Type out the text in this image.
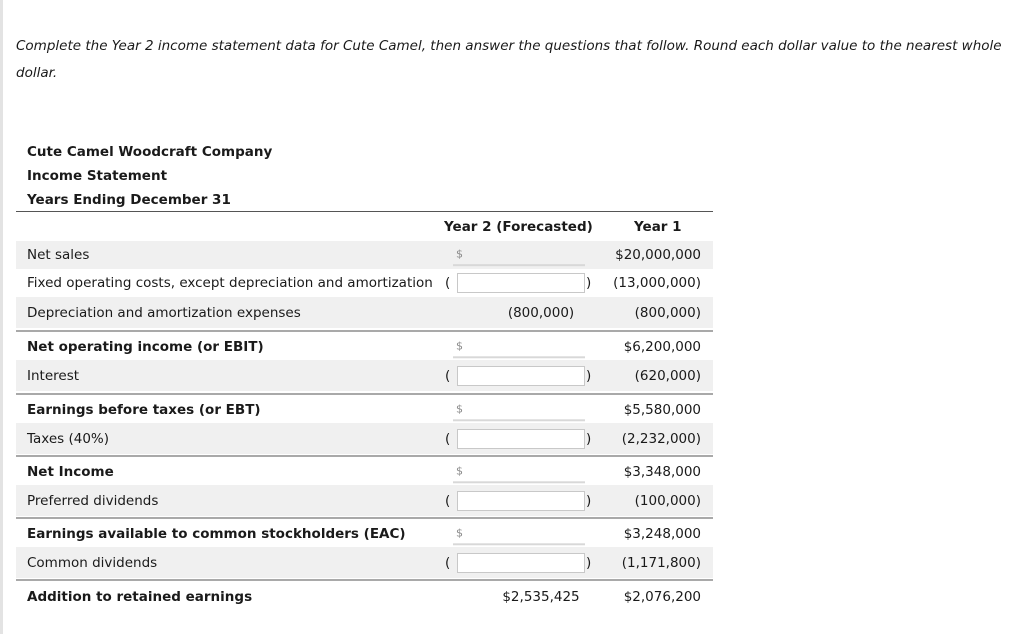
Complete the Year 2 income statement data for Cute Camel, then answer the questions that follow. Round each dollar value to the nearest whole dollar.
Cute Camel Woodcraft Company
Income Statement
Years Ending December 31
Year 2 (Forecasted)	Year 1
Net sales	$	$20,000,000
Fixed operating costs, except depreciation and amortization (	) (13,000,000)
Depreciation and amortization expenses	(800,000)	(800,000)
Net operating income (or EBIT)	$	$6,200,000
Interest	(	)	(620,000)
Earnings before taxes (or EBT)	$	$5,580,000
Taxes (40%)	(	) (2,232,000)
Net Income	$	$3,348,000
Preferred dividends	(	)	(100,000)
Earnings available to common stockholders (EAC)	$	$3,248,000
Common dividends	(	) (1,171,800)
Addition to retained earnings	$2,535,425	$2,076,200
